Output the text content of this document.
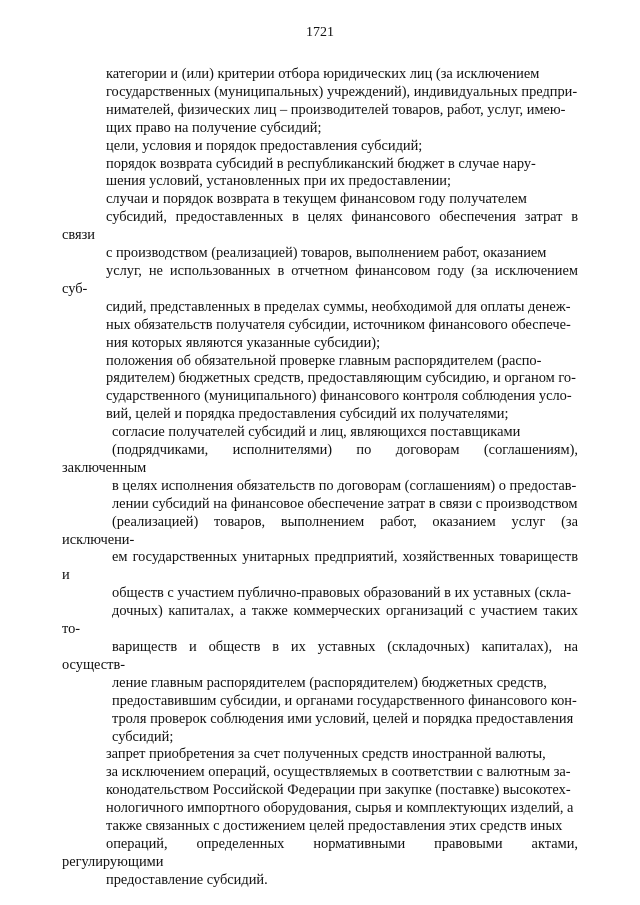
1721

категории и (или) критерии отбора юридических лиц (за исключением
государственных (муниципальных) учреждений), индивидуальных предпри-
нимателей, физических лиц – производителей товаров, работ, услуг, имею-
щих право на получение субсидий;

цели, условия и порядок предоставления субсидий;

порядок возврата субсидий в республиканский бюджет в случае нару-
шения условий, установленных при их предоставлении;

случаи и порядок возврата в текущем финансовом году получателем
субсидий, предоставленных в целях финансового обеспечения затрат в связи
с производством (реализацией) товаров, выполнением работ, оказанием
услуг, не использованных в отчетном финансовом году (за исключением суб-
сидий, представленных в пределах суммы, необходимой для оплаты денеж-
ных обязательств получателя субсидии, источником финансового обеспече-
ния которых являются указанные субсидии);

положения об обязательной проверке главным распорядителем (распо-
рядителем) бюджетных средств, предоставляющим субсидию, и органом го-
сударственного (муниципального) финансового контроля соблюдения усло-
вий, целей и порядка предоставления субсидий их получателями;

согласие получателей субсидий и лиц, являющихся поставщиками
(подрядчиками, исполнителями) по договорам (соглашениям), заключенным
в целях исполнения обязательств по договорам (соглашениям) о предостав-
лении субсидий на финансовое обеспечение затрат в связи с производством
(реализацией) товаров, выполнением работ, оказанием услуг (за исключени-
ем государственных унитарных предприятий, хозяйственных товариществ и
обществ с участием публично-правовых образований в их уставных (скла-
дочных) капиталах, а также коммерческих организаций с участием таких то-
вариществ и обществ в их уставных (складочных) капиталах), на осуществ-
ление главным распорядителем (распорядителем) бюджетных средств,
предоставившим субсидии, и органами государственного финансового кон-
троля проверок соблюдения ими условий, целей и порядка предоставления
субсидий;

запрет приобретения за счет полученных средств иностранной валюты,
за исключением операций, осуществляемых в соответствии с валютным за-
конодательством Российской Федерации при закупке (поставке) высокотех-
нологичного импортного оборудования, сырья и комплектующих изделий, а
также связанных с достижением целей предоставления этих средств иных
операций, определенных нормативными правовыми актами, регулирующими
предоставление субсидий.
